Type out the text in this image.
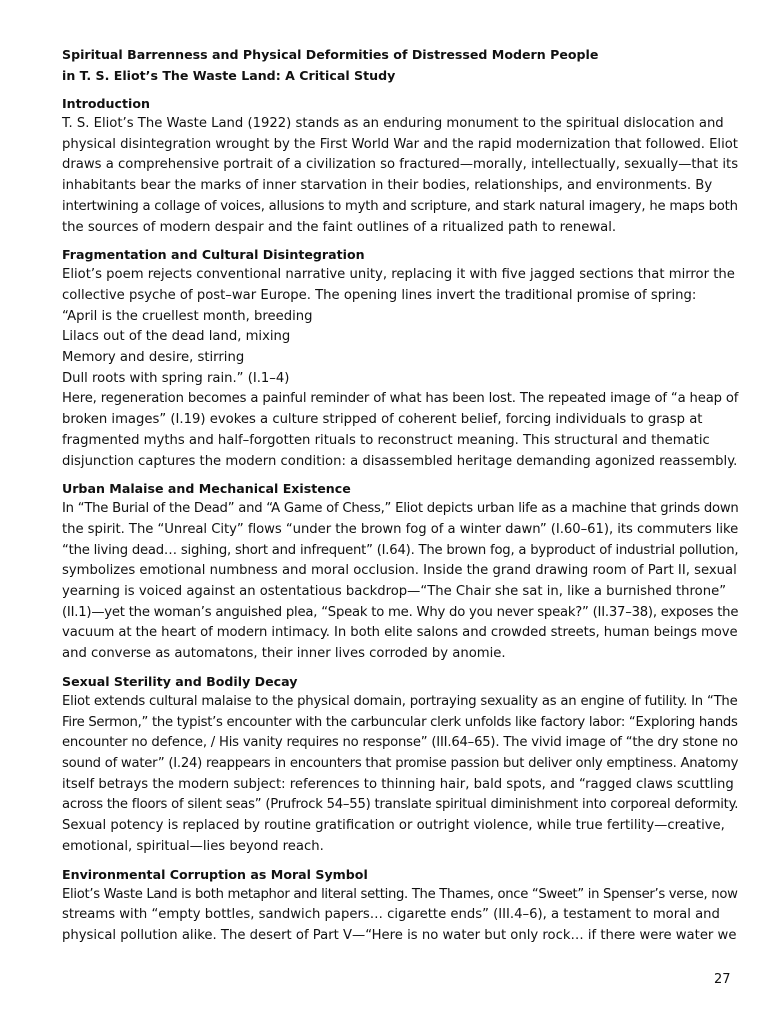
Spiritual Barrenness and Physical Deformities of Distressed Modern People

in T. S. Eliot’s The Waste Land: A Critical Study

Introduction

T. S. Eliot’s The Waste Land (1922) stands as an enduring monument to the spiritual dislocation and

physical disintegration wrought by the First World War and the rapid modernization that followed. Eliot

draws a comprehensive portrait of a civilization so fractured—morally, intellectually, sexually—that its

inhabitants bear the marks of inner starvation in their bodies, relationships, and environments. By

intertwining a collage of voices, allusions to myth and scripture, and stark natural imagery, he maps both

the sources of modern despair and the faint outlines of a ritualized path to renewal.

Fragmentation and Cultural Disintegration

Eliot’s poem rejects conventional narrative unity, replacing it with five jagged sections that mirror the

collective psyche of post–war Europe. The opening lines invert the traditional promise of spring:

“April is the cruellest month, breeding

Lilacs out of the dead land, mixing

Memory and desire, stirring

Dull roots with spring rain.” (I.1–4)

Here, regeneration becomes a painful reminder of what has been lost. The repeated image of “a heap of

broken images” (I.19) evokes a culture stripped of coherent belief, forcing individuals to grasp at

fragmented myths and half–forgotten rituals to reconstruct meaning. This structural and thematic

disjunction captures the modern condition: a disassembled heritage demanding agonized reassembly.

Urban Malaise and Mechanical Existence

In “The Burial of the Dead” and “A Game of Chess,” Eliot depicts urban life as a machine that grinds down

the spirit. The “Unreal City” flows “under the brown fog of a winter dawn” (I.60–61), its commuters like

“the living dead… sighing, short and infrequent” (I.64). The brown fog, a byproduct of industrial pollution,

symbolizes emotional numbness and moral occlusion. Inside the grand drawing room of Part II, sexual

yearning is voiced against an ostentatious backdrop—“The Chair she sat in, like a burnished throne”

(II.1)—yet the woman’s anguished plea, “Speak to me. Why do you never speak?” (II.37–38), exposes the

vacuum at the heart of modern intimacy. In both elite salons and crowded streets, human beings move

and converse as automatons, their inner lives corroded by anomie.

Sexual Sterility and Bodily Decay

Eliot extends cultural malaise to the physical domain, portraying sexuality as an engine of futility. In “The

Fire Sermon,” the typist’s encounter with the carbuncular clerk unfolds like factory labor: “Exploring hands

encounter no defence, / His vanity requires no response” (III.64–65). The vivid image of “the dry stone no

sound of water” (I.24) reappears in encounters that promise passion but deliver only emptiness. Anatomy

itself betrays the modern subject: references to thinning hair, bald spots, and “ragged claws scuttling

across the floors of silent seas” (Prufrock 54–55) translate spiritual diminishment into corporeal deformity.

Sexual potency is replaced by routine gratification or outright violence, while true fertility—creative,

emotional, spiritual—lies beyond reach.

Environmental Corruption as Moral Symbol

Eliot’s Waste Land is both metaphor and literal setting. The Thames, once “Sweet” in Spenser’s verse, now

streams with “empty bottles, sandwich papers… cigarette ends” (III.4–6), a testament to moral and

physical pollution alike. The desert of Part V—“Here is no water but only rock… if there were water we

27
